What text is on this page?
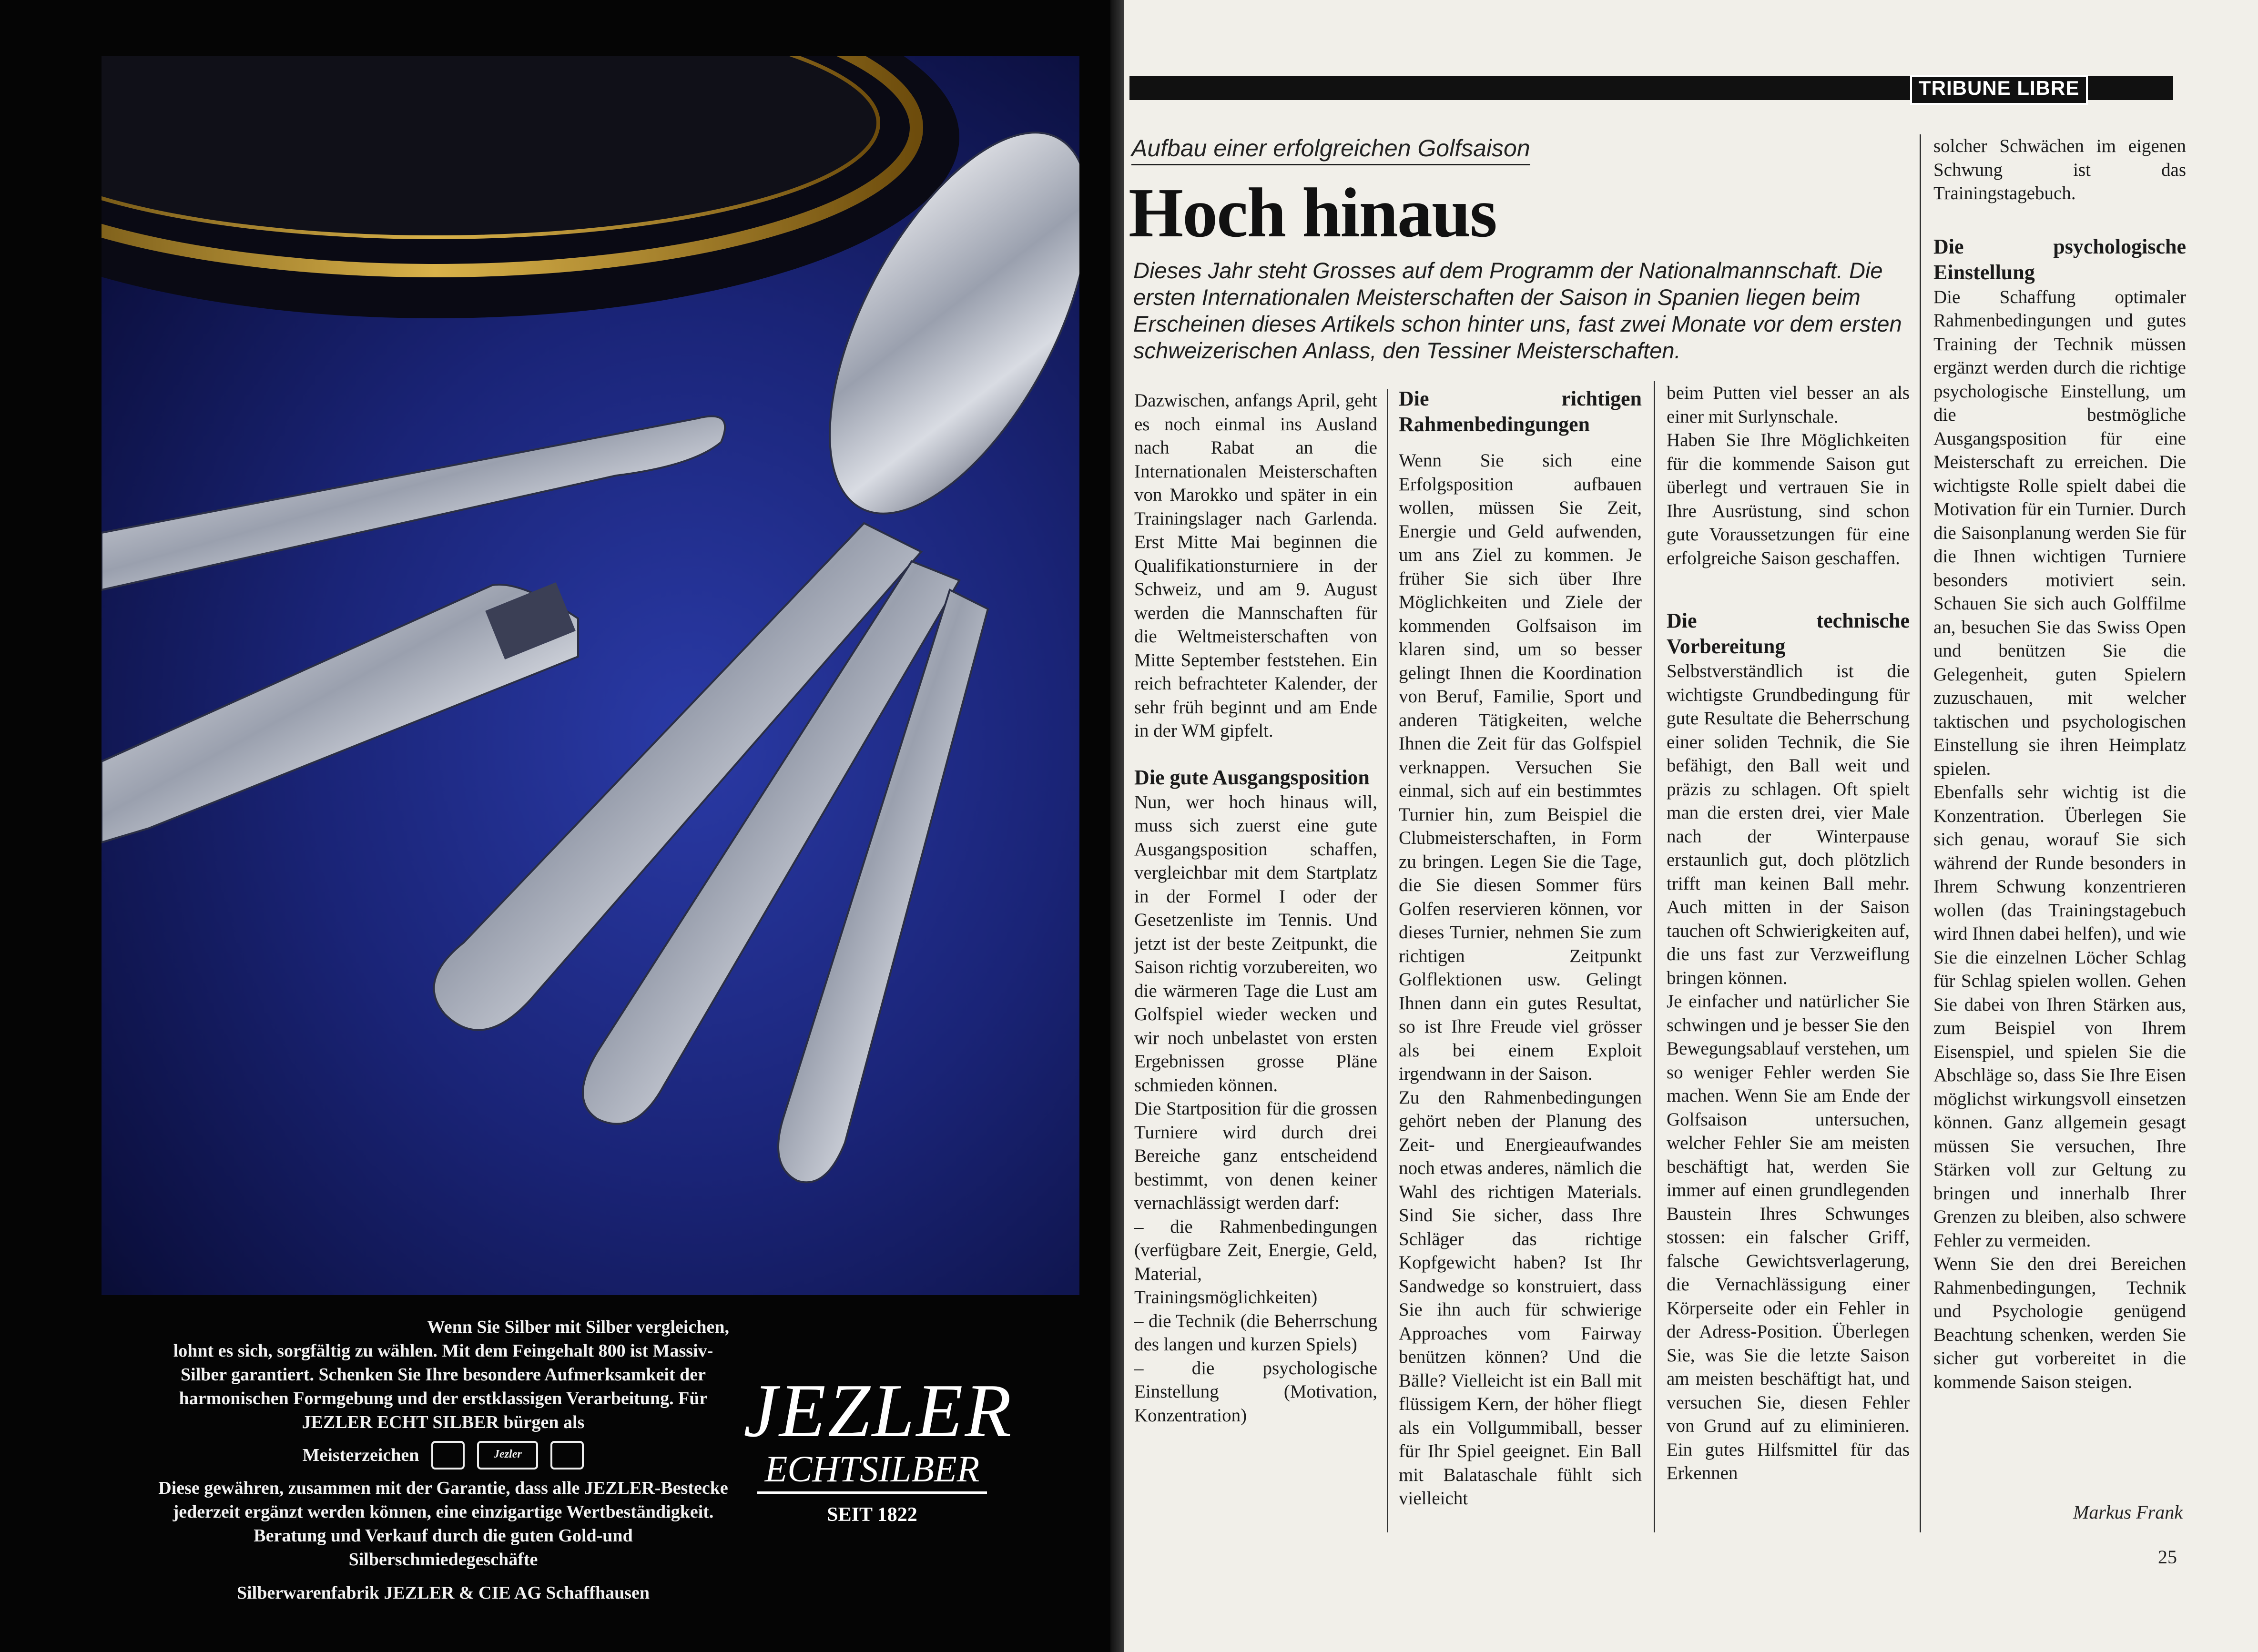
Wenn Sie Silber mit Silber vergleichen,

lohnt es sich, sorgfältig zu wählen. Mit dem Feingehalt 800 ist Massiv-Silber garantiert. Schenken Sie Ihre besondere Aufmerksamkeit der harmonischen Formgebung und der erstklassigen Verarbeitung. Für JEZLER ECHT SILBER bürgen als

Meisterzeichen	Jezler

Diese gewähren, zusammen mit der Garantie, dass alle JEZLER-Bestecke jederzeit ergänzt werden können, eine einzigartige Wertbeständigkeit. Beratung und Verkauf durch die guten Gold-und Silberschmiedegeschäfte

Silberwarenfabrik JEZLER & CIE AG Schaffhausen

JEZLER
ECHTSILBER
SEIT 1822
TRIBUNE LIBRE
Aufbau einer erfolgreichen Golfsaison
Hoch hinaus

Dieses Jahr steht Grosses auf dem Programm der Nationalmannschaft. Die ersten Internationalen Meisterschaften der Saison in Spanien liegen beim Erscheinen dieses Artikels schon hinter uns, fast zwei Monate vor dem ersten schweizerischen Anlass, den Tessiner Meisterschaften.

Dazwischen, anfangs April, geht es noch einmal ins Ausland nach Rabat an die Internationalen Meisterschaften von Marokko und später in ein Trainingslager nach Garlenda. Erst Mitte Mai beginnen die Qualifikationsturniere in der Schweiz, und am 9. August werden die Mannschaften für die Weltmeisterschaften von Mitte September feststehen. Ein reich befrachteter Kalender, der sehr früh beginnt und am Ende in der WM gipfelt.

Die gute Ausgangsposition

Nun, wer hoch hinaus will, muss sich zuerst eine gute Ausgangsposition schaffen, vergleichbar mit dem Startplatz in der Formel I oder der Gesetzenliste im Tennis. Und jetzt ist der beste Zeitpunkt, die Saison richtig vorzubereiten, wo die wärmeren Tage die Lust am Golfspiel wieder wecken und wir noch unbelastet von ersten Ergebnissen grosse Pläne schmieden können.

Die Startposition für die grossen Turniere wird durch drei Bereiche ganz entscheidend bestimmt, von denen keiner vernachlässigt werden darf:

– die Rahmenbedingungen (verfügbare Zeit, Energie, Geld, Material, Trainingsmöglichkeiten)

– die Technik (die Beherrschung des langen und kurzen Spiels)

– die psychologische Einstellung (Motivation, Konzentration)

Die richtigen Rahmenbedingungen

Wenn Sie sich eine Erfolgsposition aufbauen wollen, müssen Sie Zeit, Energie und Geld aufwenden, um ans Ziel zu kommen. Je früher Sie sich über Ihre Möglichkeiten und Ziele der kommenden Golfsaison im klaren sind, um so besser gelingt Ihnen die Koordination von Beruf, Familie, Sport und anderen Tätigkeiten, welche Ihnen die Zeit für das Golfspiel verknappen. Versuchen Sie einmal, sich auf ein bestimmtes Turnier hin, zum Beispiel die Clubmeisterschaften, in Form zu bringen. Legen Sie die Tage, die Sie diesen Sommer fürs Golfen reservieren können, vor dieses Turnier, nehmen Sie zum richtigen Zeitpunkt Golflektionen usw. Gelingt Ihnen dann ein gutes Resultat, so ist Ihre Freude viel grösser als bei einem Exploit irgendwann in der Saison.

Zu den Rahmenbedingungen gehört neben der Planung des Zeit- und Energieaufwandes noch etwas anderes, nämlich die Wahl des richtigen Materials. Sind Sie sicher, dass Ihre Schläger das richtige Kopfgewicht haben? Ist Ihr Sandwedge so konstruiert, dass Sie ihn auch für schwierige Approaches vom Fairway benützen können? Und die Bälle? Vielleicht ist ein Ball mit flüssigem Kern, der höher fliegt als ein Vollgummiball, besser für Ihr Spiel geeignet. Ein Ball mit Balataschale fühlt sich vielleicht

beim Putten viel besser an als einer mit Surlynschale.

Haben Sie Ihre Möglichkeiten für die kommende Saison gut überlegt und vertrauen Sie in Ihre Ausrüstung, sind schon gute Voraussetzungen für eine erfolgreiche Saison geschaffen.

Die technische Vorbereitung

Selbstverständlich ist die wichtigste Grundbedingung für gute Resultate die Beherrschung einer soliden Technik, die Sie befähigt, den Ball weit und präzis zu schlagen. Oft spielt man die ersten drei, vier Male nach der Winterpause erstaunlich gut, doch plötzlich trifft man keinen Ball mehr. Auch mitten in der Saison tauchen oft Schwierigkeiten auf, die uns fast zur Verzweiflung bringen können.

Je einfacher und natürlicher Sie schwingen und je besser Sie den Bewegungsablauf verstehen, um so weniger Fehler werden Sie machen. Wenn Sie am Ende der Golfsaison untersuchen, welcher Fehler Sie am meisten beschäftigt hat, werden Sie immer auf einen grundlegenden Baustein Ihres Schwunges stossen: ein falscher Griff, falsche Gewichtsverlagerung, die Vernachlässigung einer Körperseite oder ein Fehler in der Adress-Position. Überlegen Sie, was Sie die letzte Saison am meisten beschäftigt hat, und versuchen Sie, diesen Fehler von Grund auf zu eliminieren. Ein gutes Hilfsmittel für das Erkennen

solcher Schwächen im eigenen Schwung ist das Trainingstagebuch.

Die psychologische Einstellung

Die Schaffung optimaler Rahmenbedingungen und gutes Training der Technik müssen ergänzt werden durch die richtige psychologische Einstellung, um die bestmögliche Ausgangsposition für eine Meisterschaft zu erreichen. Die wichtigste Rolle spielt dabei die Motivation für ein Turnier. Durch die Saisonplanung werden Sie für die Ihnen wichtigen Turniere besonders motiviert sein. Schauen Sie sich auch Golffilme an, besuchen Sie das Swiss Open und benützen Sie die Gelegenheit, guten Spielern zuzuschauen, mit welcher taktischen und psychologischen Einstellung sie ihren Heimplatz spielen.

Ebenfalls sehr wichtig ist die Konzentration. Überlegen Sie sich genau, worauf Sie sich während der Runde besonders in Ihrem Schwung konzentrieren wollen (das Trainingstagebuch wird Ihnen dabei helfen), und wie Sie die einzelnen Löcher Schlag für Schlag spielen wollen. Gehen Sie dabei von Ihren Stärken aus, zum Beispiel von Ihrem Eisenspiel, und spielen Sie die Abschläge so, dass Sie Ihre Eisen möglichst wirkungsvoll einsetzen können. Ganz allgemein gesagt müssen Sie versuchen, Ihre Stärken voll zur Geltung zu bringen und innerhalb Ihrer Grenzen zu bleiben, also schwere Fehler zu vermeiden.

Wenn Sie den drei Bereichen Rahmenbedingungen, Technik und Psychologie genügend Beachtung schenken, werden Sie sicher gut vorbereitet in die kommende Saison steigen.

Markus Frank
25
